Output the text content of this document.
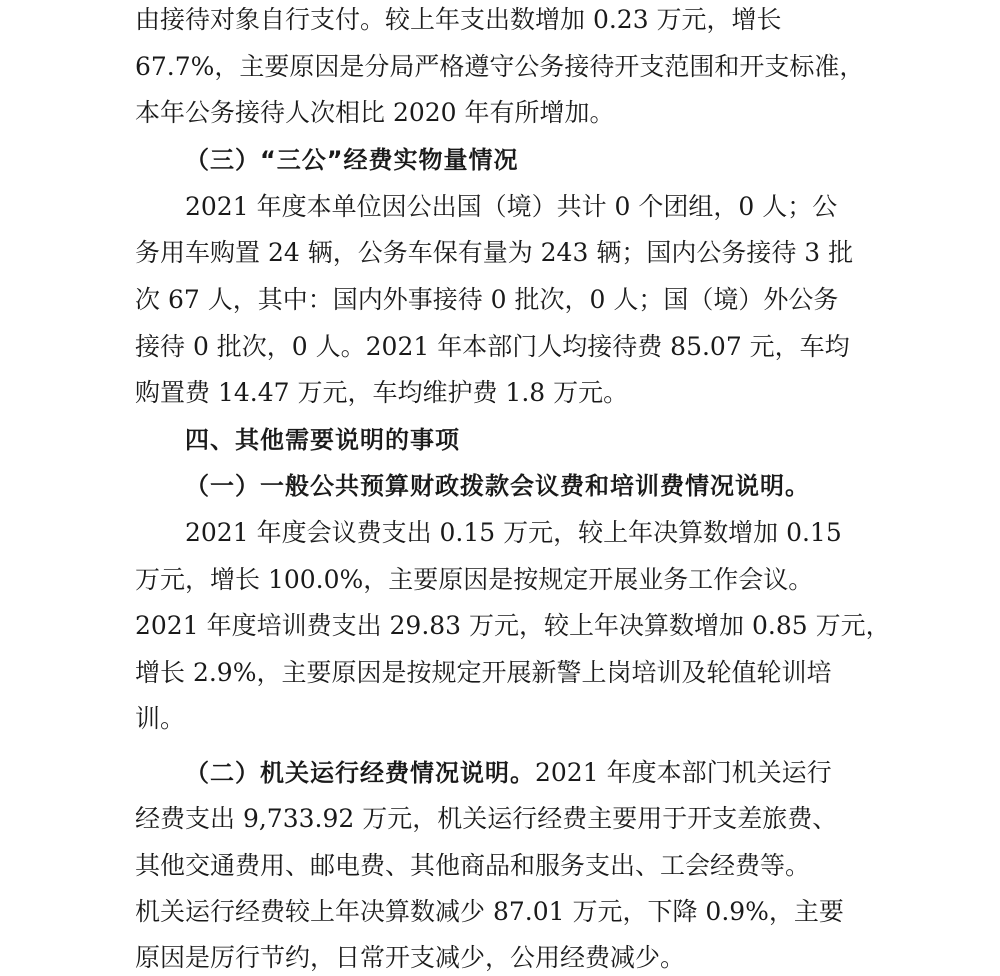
由接待对象自行支付。较上年支出数增加 0.23 万元，增长
67.7%，主要原因是分局严格遵守公务接待开支范围和开支标准，
本年公务接待人次相比 2020 年有所增加。
（三）“三公”经费实物量情况
2021 年度本单位因公出国（境）共计 0 个团组，0 人；公
务用车购置 24 辆，公务车保有量为 243 辆；国内公务接待 3 批
次 67 人，其中：国内外事接待 0 批次，0 人；国（境）外公务
接待 0 批次，0 人。2021 年本部门人均接待费 85.07 元，车均
购置费 14.47 万元，车均维护费 1.8 万元。
四、其他需要说明的事项
（一）一般公共预算财政拨款会议费和培训费情况说明。
2021 年度会议费支出 0.15 万元，较上年决算数增加 0.15
万元，增长 100.0%，主要原因是按规定开展业务工作会议。
2021 年度培训费支出 29.83 万元，较上年决算数增加 0.85 万元，
增长 2.9%，主要原因是按规定开展新警上岗培训及轮值轮训培
训。
（二）机关运行经费情况说明。2021 年度本部门机关运行
经费支出 9,733.92 万元，机关运行经费主要用于开支差旅费、
其他交通费用、邮电费、其他商品和服务支出、工会经费等。
机关运行经费较上年决算数减少 87.01 万元，下降 0.9%，主要
原因是厉行节约，日常开支减少，公用经费减少。
